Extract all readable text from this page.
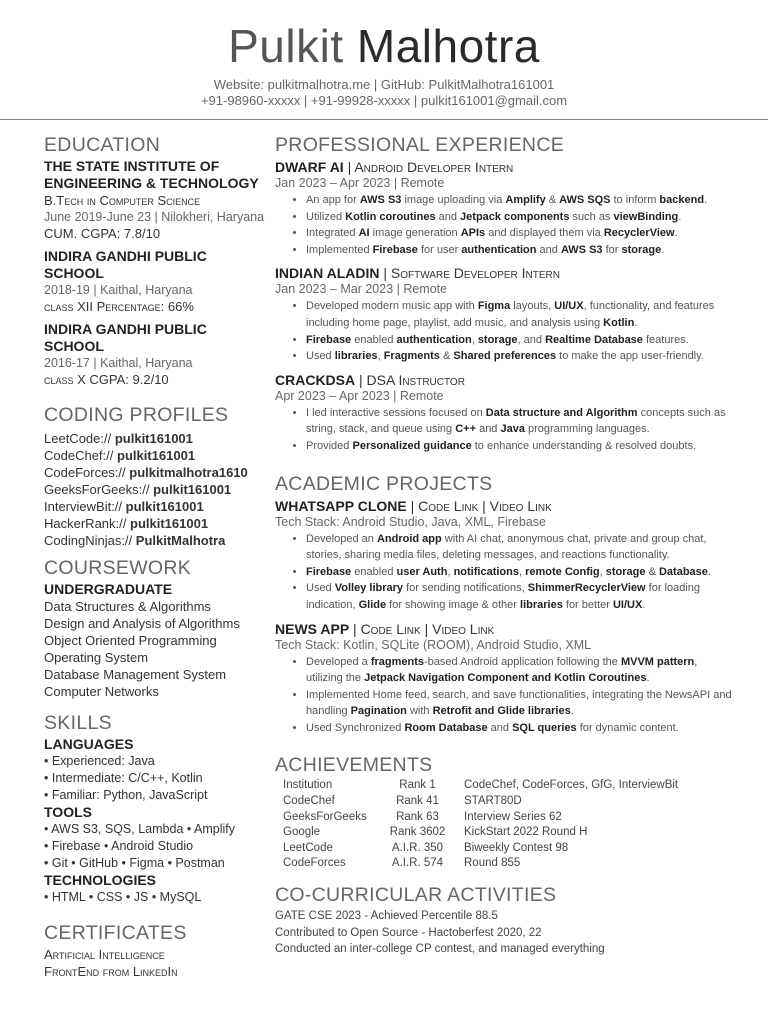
Pulkit Malhotra
Website: pulkitmalhotra.me | GitHub: PulkitMalhotra161001
+91-98960-xxxxx | +91-99928-xxxxx | pulkit161001@gmail.com
EDUCATION
THE STATE INSTITUTE OF
ENGINEERING & TECHNOLOGY
B.Tech in Computer Science
June 2019-June 23 | Nilokheri, Haryana
CUM. CGPA: 7.8/10
INDIRA GANDHI PUBLIC
SCHOOL
2018-19 | Kaithal, Haryana
class XII Percentage: 66%
INDIRA GANDHI PUBLIC
SCHOOL
2016-17 | Kaithal, Haryana
class X CGPA: 9.2/10
CODING PROFILES
LeetCode:// pulkit161001
CodeChef:// pulkit161001
CodeForces:// pulkitmalhotra1610
GeeksForGeeks:// pulkit161001
InterviewBit:// pulkit161001
HackerRank:// pulkit161001
CodingNinjas:// PulkitMalhotra
COURSEWORK
UNDERGRADUATE
Data Structures & Algorithms
Design and Analysis of Algorithms
Object Oriented Programming
Operating System
Database Management System
Computer Networks
SKILLS
LANGUAGES
• Experienced: Java
• Intermediate: C/C++, Kotlin
• Familiar: Python, JavaScript
TOOLS
• AWS S3, SQS, Lambda • Amplify
• Firebase • Android Studio
• Git • GitHub • Figma • Postman
TECHNOLOGIES
• HTML • CSS • JS • MySQL
CERTIFICATES
Artificial Intelligence
FrontEnd from LinkedIn
PROFESSIONAL EXPERIENCE
DWARF AI | Android Developer Intern
Jan 2023 – Apr 2023 | Remote
• An app for AWS S3 image uploading via Amplify & AWS SQS to inform backend.
• Utilized Kotlin coroutines and Jetpack components such as viewBinding.
• Integrated AI image generation APIs and displayed them via RecyclerView.
• Implemented Firebase for user authentication and AWS S3 for storage.
INDIAN ALADIN | Software Developer Intern
Jan 2023 – Mar 2023 | Remote
• Developed modern music app with Figma layouts, UI/UX, functionality, and features including home page, playlist, add music, and analysis using Kotlin.
• Firebase enabled authentication, storage, and Realtime Database features.
• Used libraries, Fragments & Shared preferences to make the app user-friendly.
CRACKDSA | DSA Instructor
Apr 2023 – Apr 2023 | Remote
• I led interactive sessions focused on Data structure and Algorithm concepts such as string, stack, and queue using C++ and Java programming languages.
• Provided Personalized guidance to enhance understanding & resolved doubts.
ACADEMIC PROJECTS
WHATSAPP CLONE | Code Link | Video Link
Tech Stack: Android Studio, Java, XML, Firebase
• Developed an Android app with AI chat, anonymous chat, private and group chat, stories, sharing media files, deleting messages, and reactions functionality.
• Firebase enabled user Auth, notifications, remote Config, storage & Database.
• Used Volley library for sending notifications, ShimmerRecyclerView for loading indication, Glide for showing image & other libraries for better UI/UX.
NEWS APP | Code Link | Video Link
Tech Stack: Kotlin, SQLite (ROOM), Android Studio, XML
• Developed a fragments-based Android application following the MVVM pattern, utilizing the Jetpack Navigation Component and Kotlin Coroutines.
• Implemented Home feed, search, and save functionalities, integrating the NewsAPI and handling Pagination with Retrofit and Glide libraries.
• Used Synchronized Room Database and SQL queries for dynamic content.
ACHIEVEMENTS
Institution	Rank 1	CodeChef, CodeForces, GfG, InterviewBit
CodeChef	Rank 41	START80D
GeeksForGeeks	Rank 63	Interview Series 62
Google	Rank 3602	KickStart 2022 Round H
LeetCode	A.I.R. 350	Biweekly Contest 98
CodeForces	A.I.R. 574	Round 855
CO-CURRICULAR ACTIVITIES
GATE CSE 2023 - Achieved Percentile 88.5
Contributed to Open Source - Hactoberfest 2020, 22
Conducted an inter-college CP contest, and managed everything
